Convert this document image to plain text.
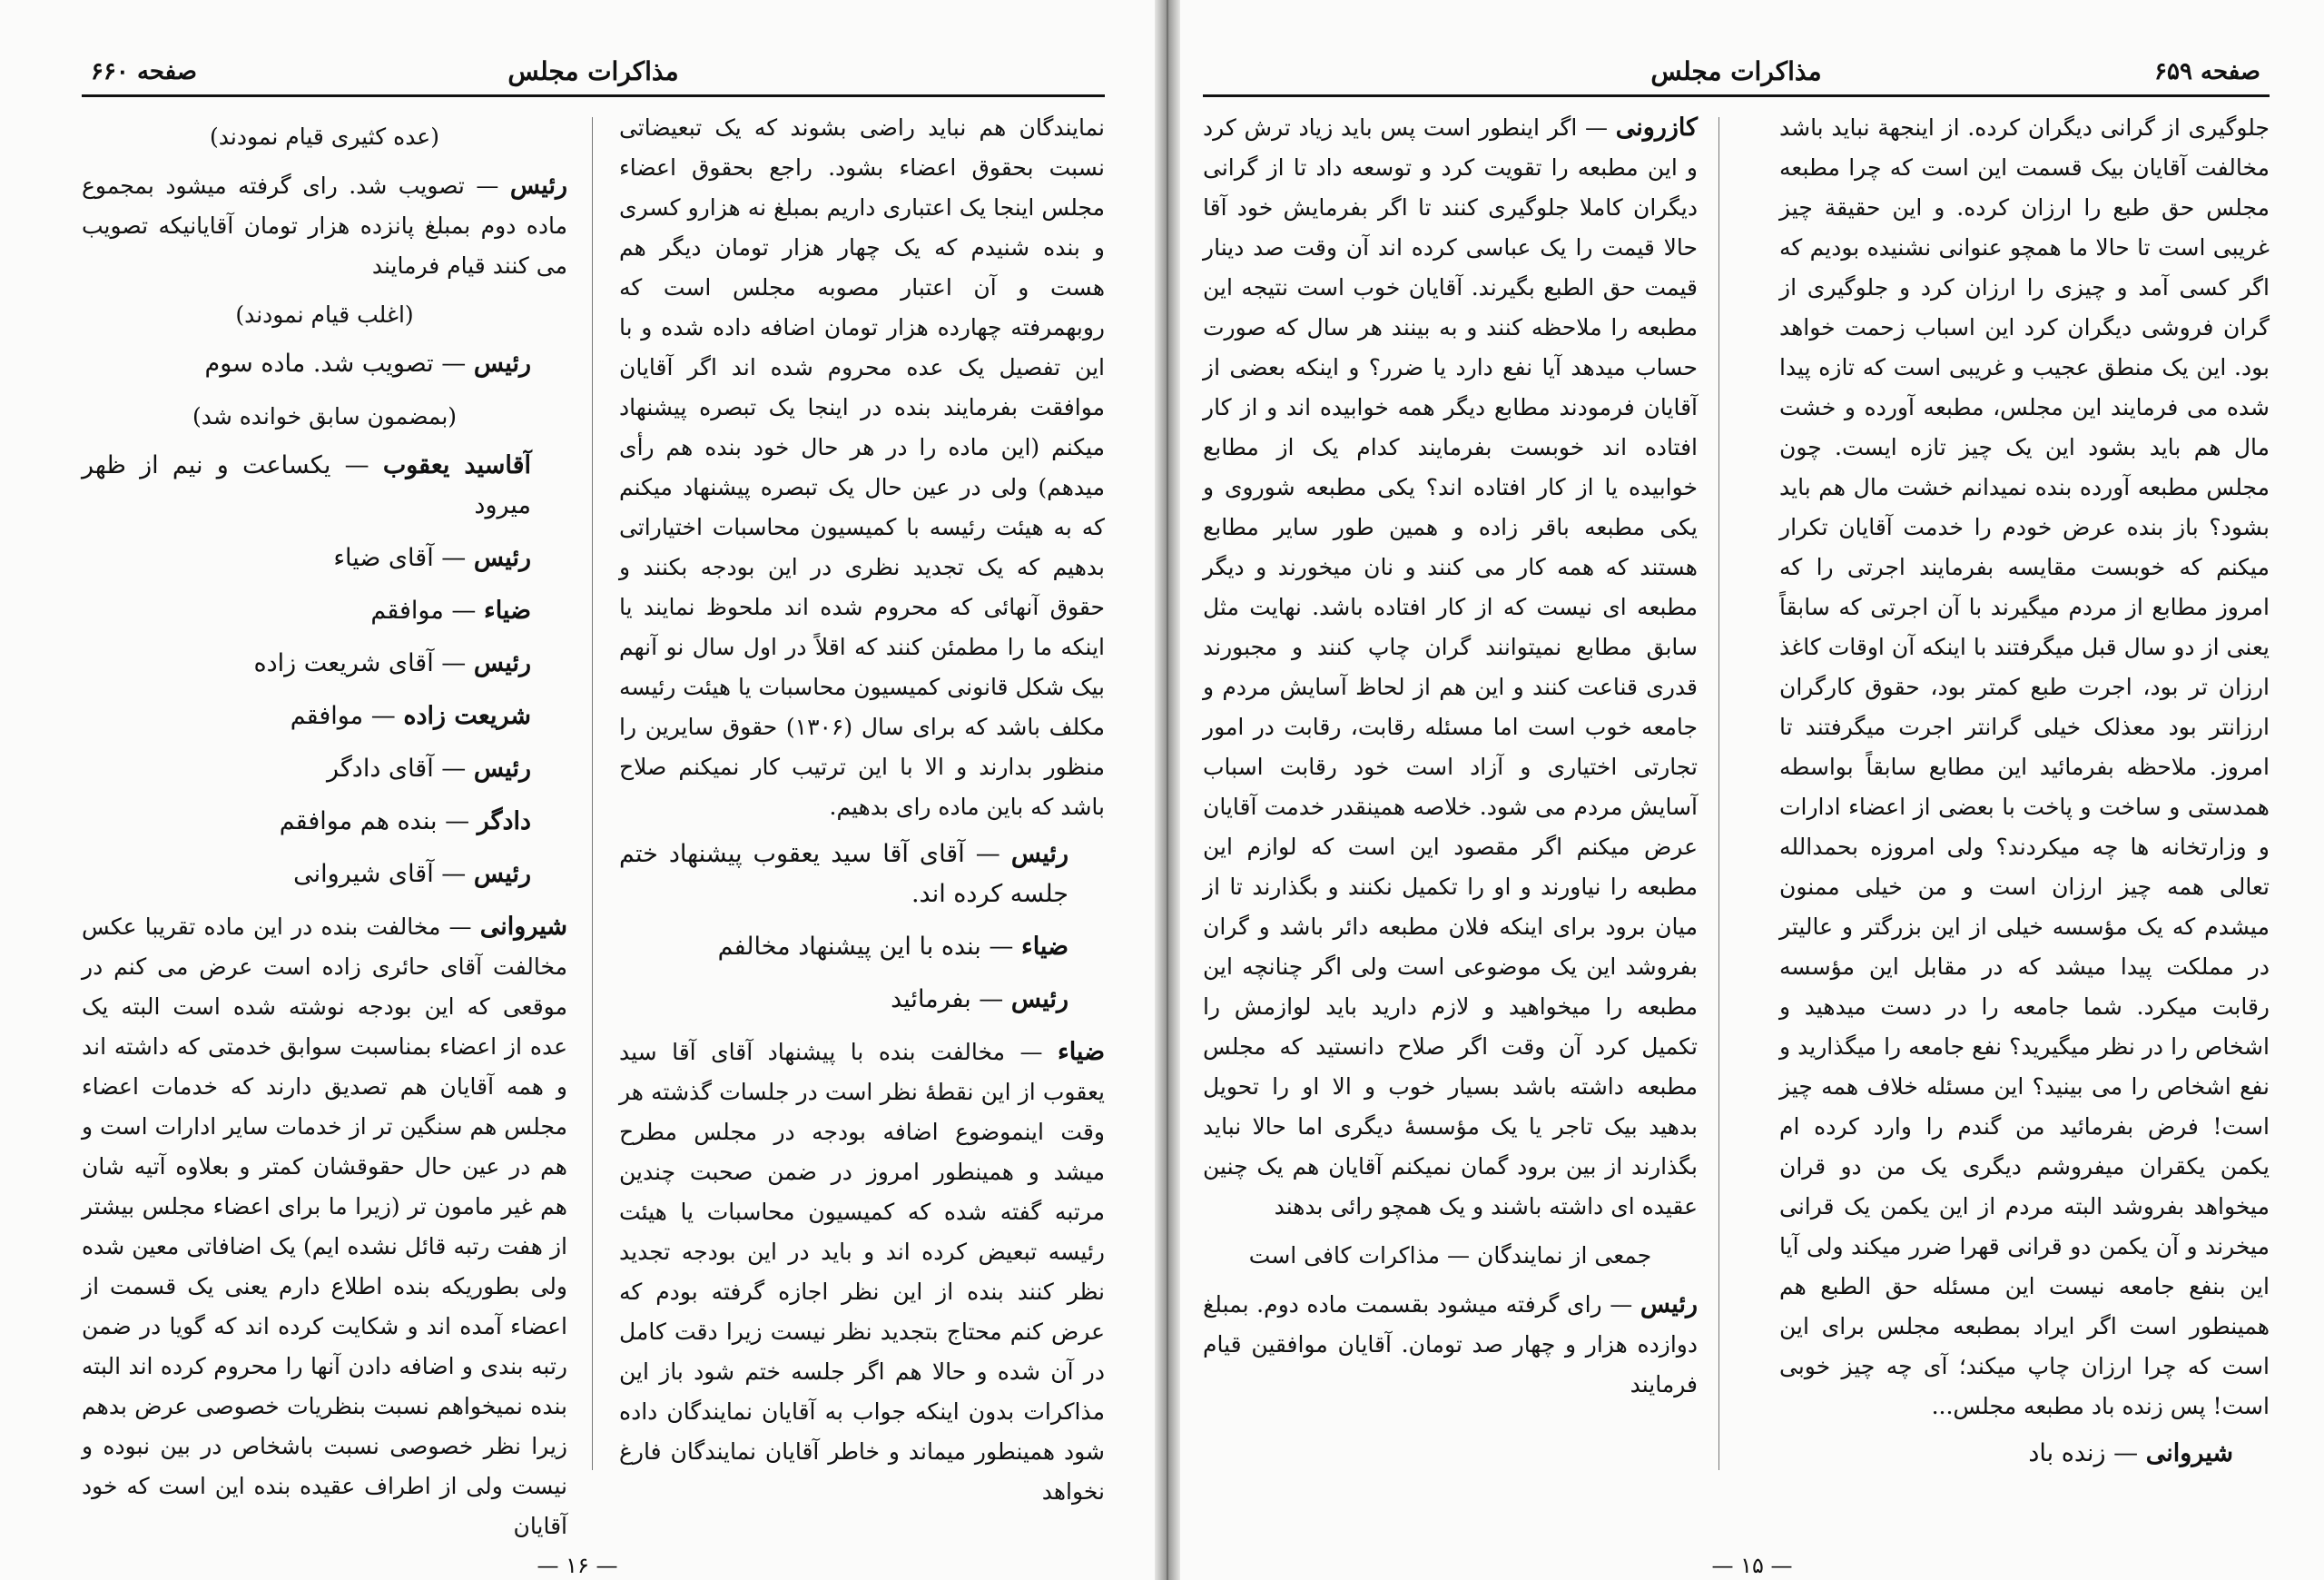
مذاکرات مجلس
صفحه ۶۶۰

نمایندگان هم نباید راضی بشوند که یک تبعیضاتی نسبت بحقوق اعضاء بشود. راجع بحقوق اعضاء مجلس اینجا یک اعتباری داریم بمبلغ نه هزارو کسری و بنده شنیدم که یک چهار هزار تومان دیگر هم هست و آن اعتبار مصوبه مجلس است که روبهمرفته چهارده هزار تومان اضافه داده شده و با این تفصیل یک عده محروم شده اند اگر آقایان موافقت بفرمایند بنده در اینجا یک تبصره پیشنهاد میکنم (این ماده را در هر حال خود بنده هم رأی میدهم) ولی در عین حال یک تبصره پیشنهاد میکنم که به هیئت رئیسه با کمیسیون محاسبات اختیاراتی بدهیم که یک تجدید نظری در این بودجه بکنند و حقوق آنهائی که محروم شده اند ملحوظ نمایند یا اینکه ما را مطمئن کنند که اقلاً در اول سال نو آنهم بیک شکل قانونی کمیسیون محاسبات یا هیئت رئیسه مکلف باشد که برای سال (۱۳۰۶) حقوق سایرین را منظور بدارند و الا با این ترتیب کار نمیکنم صلاح باشد که باین ماده رای بدهیم.

رئیس — آقای آقا سید یعقوب پیشنهاد ختم جلسه کرده اند.

ضیاء — بنده با این پیشنهاد مخالفم

رئیس — بفرمائید

ضیاء — مخالفت بنده با پیشنهاد آقای آقا سید یعقوب از این نقطهٔ نظر است در جلسات گذشته هر وقت اینموضوع اضافه بودجه در مجلس مطرح میشد و همینطور امروز در ضمن صحبت چندین مرتبه گفته شده که کمیسیون محاسبات یا هیئت رئیسه تبعیض کرده اند و باید در این بودجه تجدید نظر کنند بنده از این نظر اجازه گرفته بودم که عرض کنم محتاج بتجدید نظر نیست زیرا دقت کامل در آن شده و حالا هم اگر جلسه ختم شود باز این مذاکرات بدون اینکه جواب به آقایان نمایندگان داده شود همینطور میماند و خاطر آقایان نمایندگان فارغ نخواهد

(عده کثیری قیام نمودند)

رئیس — تصویب شد. رای گرفته میشود بمجموع ماده دوم بمبلغ پانزده هزار تومان آقایانیکه تصویب می کنند قیام فرمایند

(اغلب قیام نمودند)

رئیس — تصویب شد. ماده سوم

(بمضمون سابق خوانده شد)

آقاسید یعقوب — یکساعت و نیم از ظهر میرود

رئیس — آقای ضیاء

ضیاء — موافقم

رئیس — آقای شریعت زاده

شریعت زاده — موافقم

رئیس — آقای دادگر

دادگر — بنده هم موافقم

رئیس — آقای شیروانی

شیروانی — مخالفت بنده در این ماده تقریبا عکس مخالفت آقای حائری زاده است عرض می کنم در موقعی که این بودجه نوشته شده است البته یک عده از اعضاء بمناسبت سوابق خدمتی که داشته اند و همه آقایان هم تصدیق دارند که خدمات اعضاء مجلس هم سنگین تر از خدمات سایر ادارات است و هم در عین حال حقوقشان کمتر و بعلاوه آتیه شان هم غیر مامون تر (زیرا ما برای اعضاء مجلس بیشتر از هفت رتبه قائل نشده ایم) یک اضافاتی معین شده ولی بطوریکه بنده اطلاع دارم یعنی یک قسمت از اعضاء آمده اند و شکایت کرده اند که گویا در ضمن رتبه بندی و اضافه دادن آنها را محروم کرده اند البته بنده نمیخواهم نسبت بنظریات خصوصی عرض بدهم زیرا نظر خصوصی نسبت باشخاص در بین نبوده و نیست ولی از اطراف عقیده بنده این است که خود آقایان

— ۱۶ —
مذاکرات مجلس	صفحه ۶۵۹

جلوگیری از گرانی دیگران کرده. از اینجهة نباید باشد مخالفت آقایان بیک قسمت این است که چرا مطبعه مجلس حق طبع را ارزان کرده. و این حقیقة چیز غریبی است تا حالا ما همچو عنوانی نشنیده بودیم که اگر کسی آمد و چیزی را ارزان کرد و جلوگیری از گران فروشی دیگران کرد این اسباب زحمت خواهد بود. این یک منطق عجیب و غریبی است که تازه پیدا شده می فرمایند این مجلس، مطبعه آورده و خشت مال هم باید بشود این یک چیز تازه ایست. چون مجلس مطبعه آورده بنده نمیدانم خشت مال هم باید بشود؟ باز بنده عرض خودم را خدمت آقایان تکرار میکنم که خوبست مقایسه بفرمایند اجرتی را که امروز مطابع از مردم میگیرند با آن اجرتی که سابقاً یعنی از دو سال قبل میگرفتند با اینکه آن اوقات کاغذ ارزان تر بود، اجرت طبع کمتر بود، حقوق کارگران ارزانتر بود معذلک خیلی گرانتر اجرت میگرفتند تا امروز. ملاحظه بفرمائید این مطابع سابقاً بواسطه همدستی و ساخت و پاخت با بعضی از اعضاء ادارات و وزارتخانه ها چه میکردند؟ ولی امروزه بحمدالله تعالی همه چیز ارزان است و من خیلی ممنون میشدم که یک مؤسسه خیلی از این بزرگتر و عالیتر در مملکت پیدا میشد که در مقابل این مؤسسه رقابت میکرد. شما جامعه را در دست میدهید و اشخاص را در نظر میگیرید؟ نفع جامعه را میگذارید و نفع اشخاص را می بینید؟ این مسئله خلاف همه چیز است! فرض بفرمائید من گندم را وارد کرده ام یکمن یکقران میفروشم دیگری یک من دو قران میخواهد بفروشد البته مردم از این یکمن یک قرانی میخرند و آن یکمن دو قرانی قهرا ضرر میکند ولی آیا این بنفع جامعه نیست این مسئله حق الطبع هم همینطور است اگر ایراد بمطبعه مجلس برای این است که چرا ارزان چاپ میکند؛ آی چه چیز خوبی است! پس زنده باد مطبعه مجلس...

شیروانی — زنده باد

کازرونی — اگر اینطور است پس باید زیاد ترش کرد و این مطبعه را تقویت کرد و توسعه داد تا از گرانی دیگران کاملا جلوگیری کنند تا اگر بفرمایش خود آقا حالا قیمت را یک عباسی کرده اند آن وقت صد دینار قیمت حق الطبع بگیرند. آقایان خوب است نتیجه این مطبعه را ملاحظه کنند و به بینند هر سال که صورت حساب میدهد آیا نفع دارد یا ضرر؟ و اینکه بعضی از آقایان فرمودند مطابع دیگر همه خوابیده اند و از کار افتاده اند خوبست بفرمایند کدام یک از مطابع خوابیده یا از کار افتاده اند؟ یکی مطبعه شوروی و یکی مطبعه باقر زاده و همین طور سایر مطابع هستند که همه کار می کنند و نان میخورند و دیگر مطبعه ای نیست که از کار افتاده باشد. نهایت مثل سابق مطابع نمیتوانند گران چاپ کنند و مجبورند قدری قناعت کنند و این هم از لحاظ آسایش مردم و جامعه خوب است اما مسئله رقابت، رقابت در امور تجارتی اختیاری و آزاد است خود رقابت اسباب آسایش مردم می شود. خلاصه همینقدر خدمت آقایان عرض میکنم اگر مقصود این است که لوازم این مطبعه را نیاورند و او را تکمیل نکنند و بگذارند تا از میان برود برای اینکه فلان مطبعه دائر باشد و گران بفروشد این یک موضوعی است ولی اگر چنانچه این مطبعه را میخواهید و لازم دارید باید لوازمش را تکمیل کرد آن وقت اگر صلاح دانستید که مجلس مطبعه داشته باشد بسیار خوب و الا او را تحویل بدهید بیک تاجر یا یک مؤسسهٔ دیگری اما حالا نباید بگذارند از بین برود گمان نمیکنم آقایان هم یک چنین عقیده ای داشته باشند و یک همچو رائی بدهند

جمعی از نمایندگان — مذاکرات کافی است

رئیس — رای گرفته میشود بقسمت ماده دوم. بمبلغ دوازده هزار و چهار صد تومان. آقایان موافقین قیام فرمایند

— ۱۵ —
